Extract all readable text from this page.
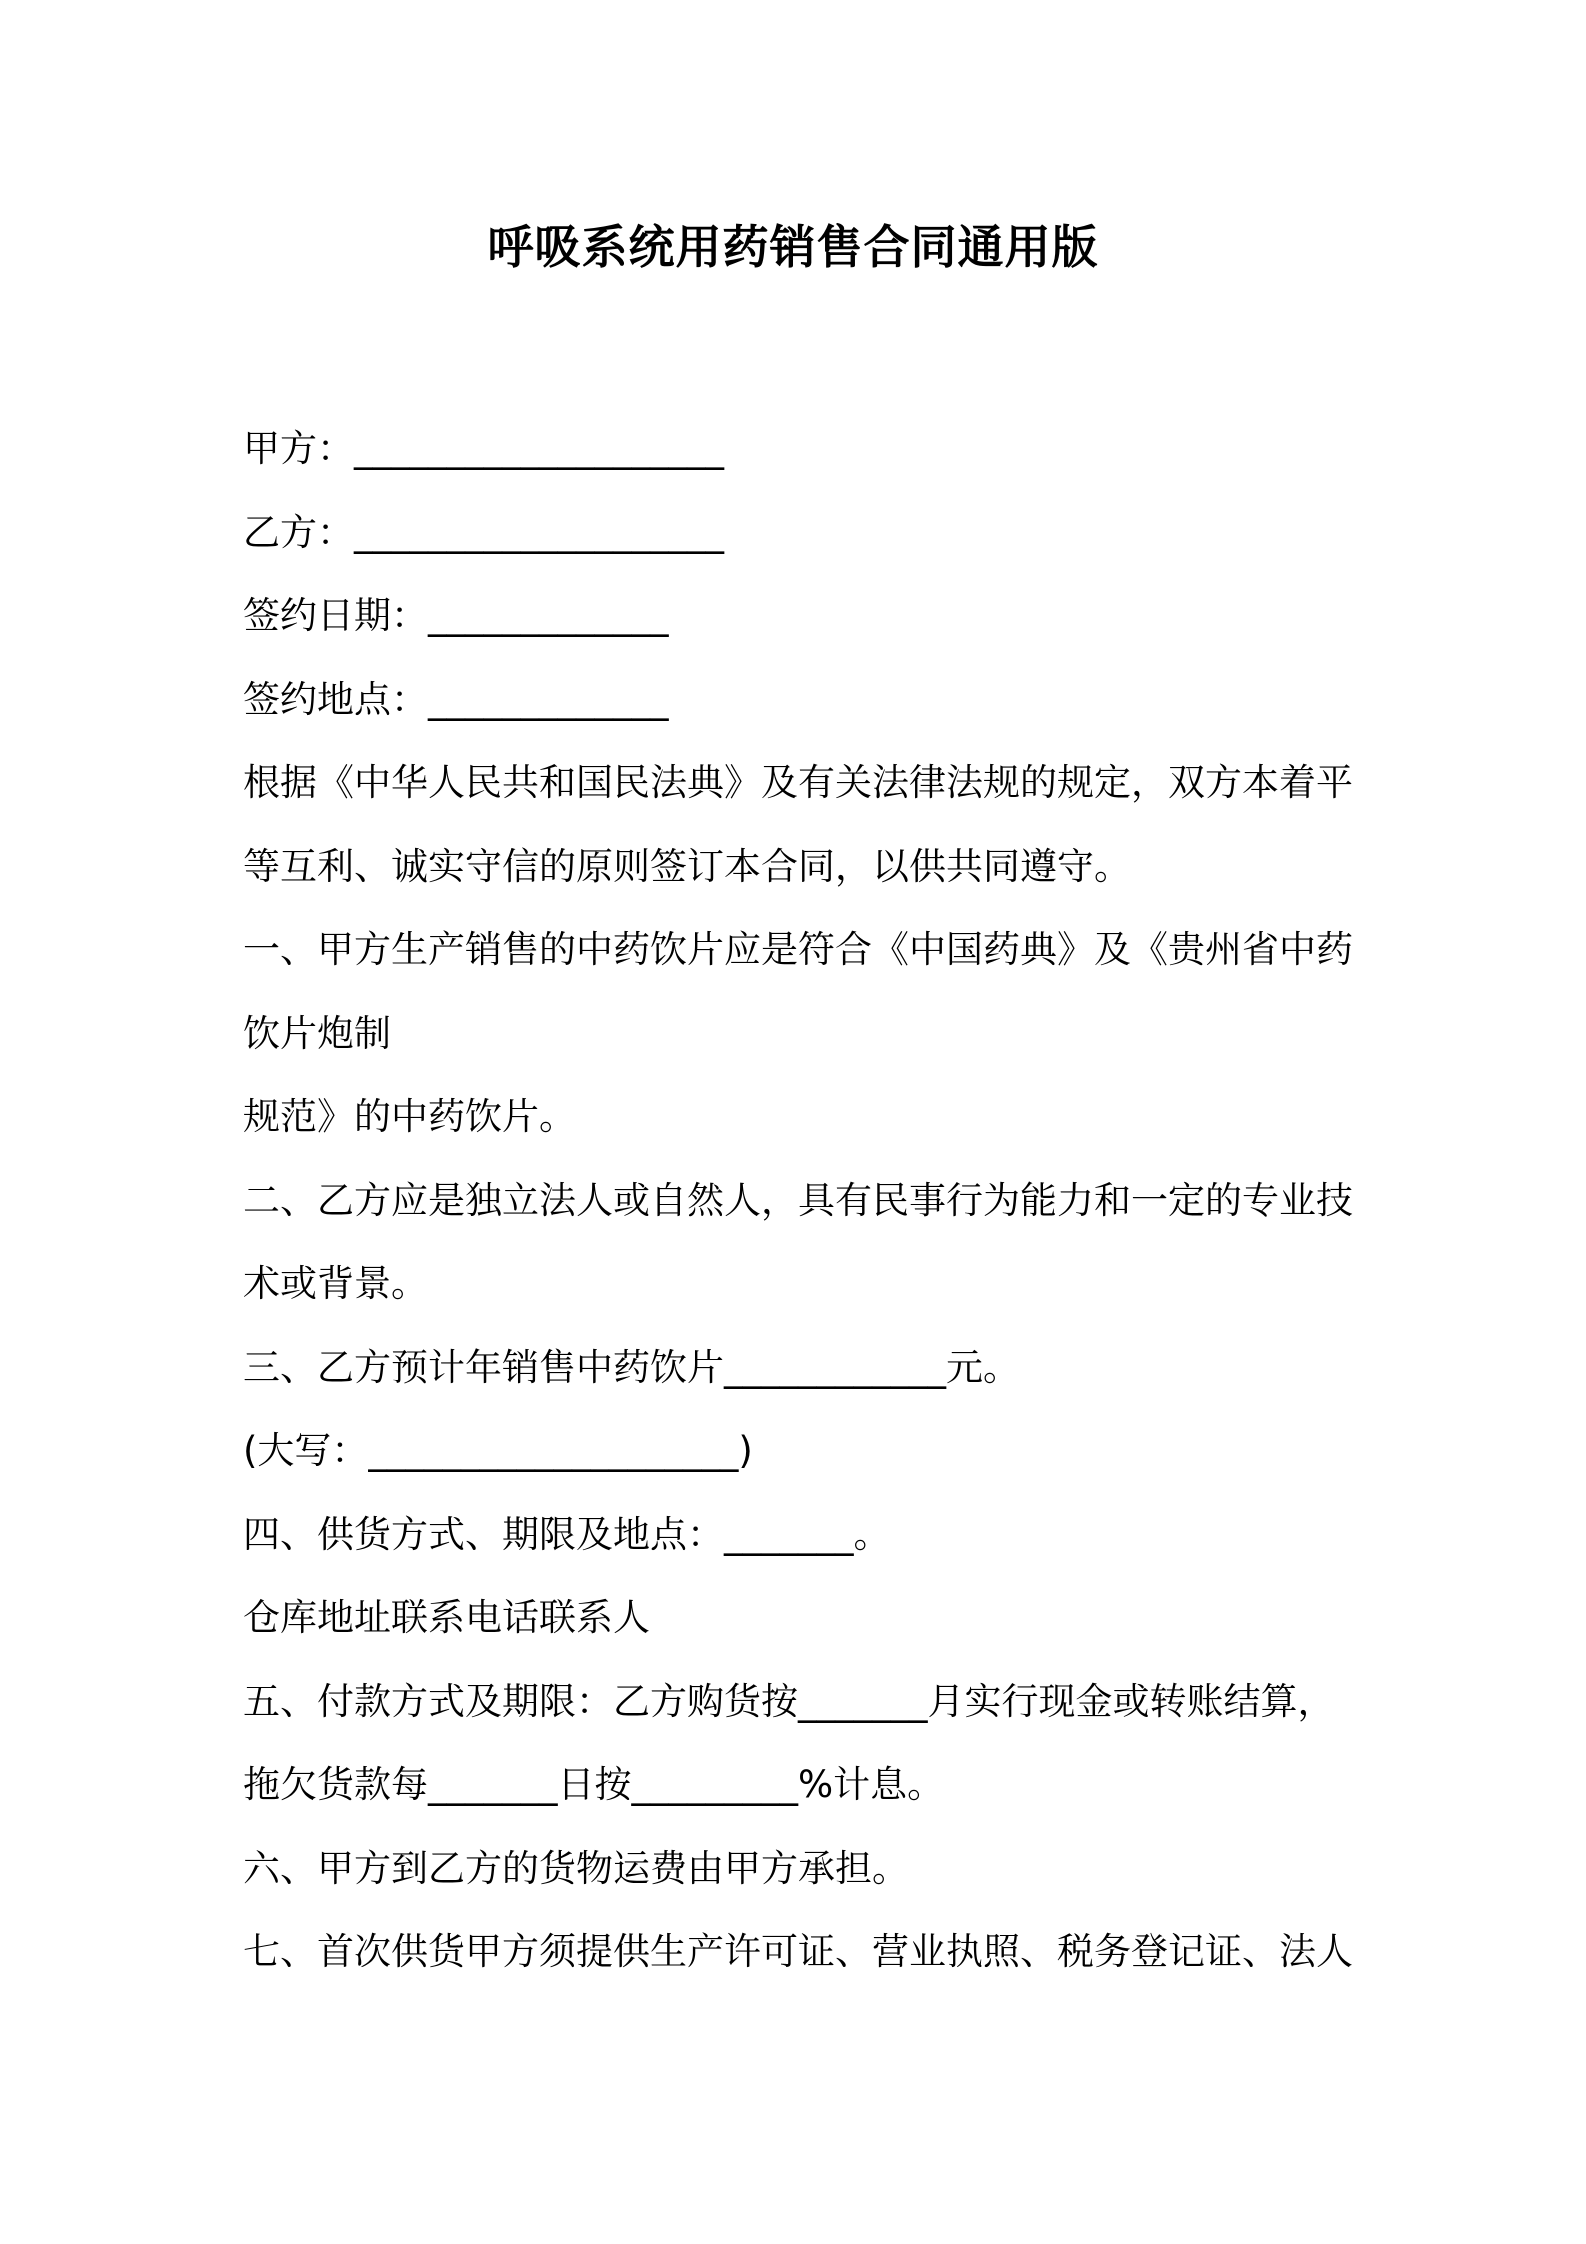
呼吸系统用药销售合同通用版

甲方：____________________

乙方：____________________

签约日期：_____________

签约地点：_____________

根据《中华人民共和国民法典》及有关法律法规的规定，双方本着平

等互利、诚实守信的原则签订本合同，以供共同遵守。

一、甲方生产销售的中药饮片应是符合《中国药典》及《贵州省中药

饮片炮制

规范》的中药饮片。

二、乙方应是独立法人或自然人，具有民事行为能力和一定的专业技

术或背景。

三、乙方预计年销售中药饮片____________元。

(大写：____________________)

四、供货方式、期限及地点：_______。

仓库地址联系电话联系人

五、付款方式及期限：乙方购货按_______月实行现金或转账结算，

拖欠货款每_______日按_________%计息。

六、甲方到乙方的货物运费由甲方承担。

七、首次供货甲方须提供生产许可证、营业执照、税务登记证、法人
